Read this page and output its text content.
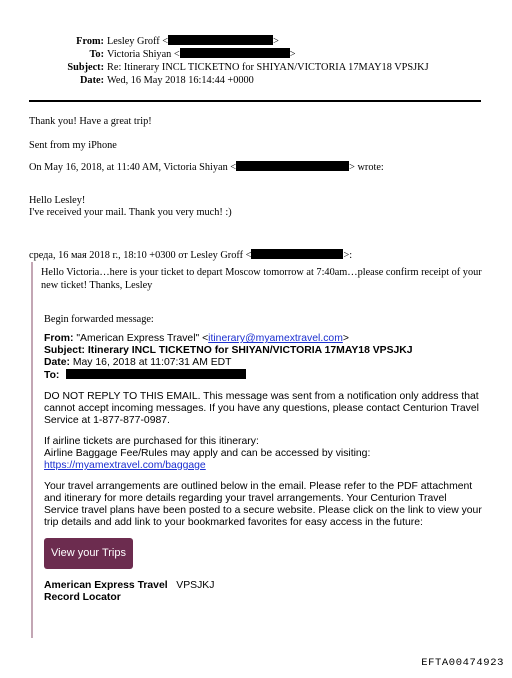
From: Lesley Groff <	>
To: Victoria Shiyan <	>
Subject: Re: Itinerary INCL TICKETNO for SHIYAN/VICTORIA 17MAY18 VPSJKJ
Date: Wed, 16 May 2018 16:14:44 +0000
Thank you! Have a great trip!
Sent from my iPhone
On May 16, 2018, at 11:40 AM, Victoria Shiyan <	> wrote:
Hello Lesley!
I've received your mail. Thank you very much! :)
среда, 16 мая 2018 г., 18:10 +0300 от Lesley Groff <	>:
Hello Victoria…here is your ticket to depart Moscow tomorrow at 7:40am…please confirm receipt of your
new ticket! Thanks, Lesley
Begin forwarded message:
From: "American Express Travel" <itinerary@myamextravel.com>
Subject: Itinerary INCL TICKETNO for SHIYAN/VICTORIA 17MAY18 VPSJKJ
Date: May 16, 2018 at 11:07:31 AM EDT
To:
DO NOT REPLY TO THIS EMAIL. This message was sent from a notification only address that
cannot accept incoming messages. If you have any questions, please contact Centurion Travel
Service at 1-877-877-0987.
If airline tickets are purchased for this itinerary:
Airline Baggage Fee/Rules may apply and can be accessed by visiting:
https://myamextravel.com/baggage
Your travel arrangements are outlined below in the email. Please refer to the PDF attachment
and itinerary for more details regarding your travel arrangements. Your Centurion Travel
Service travel plans have been posted to a secure website. Please click on the link to view your
trip details and add link to your bookmarked favorites for easy access in the future:
View your Trips
American Express Travel VPSJKJ
Record Locator
EFTA00474923
